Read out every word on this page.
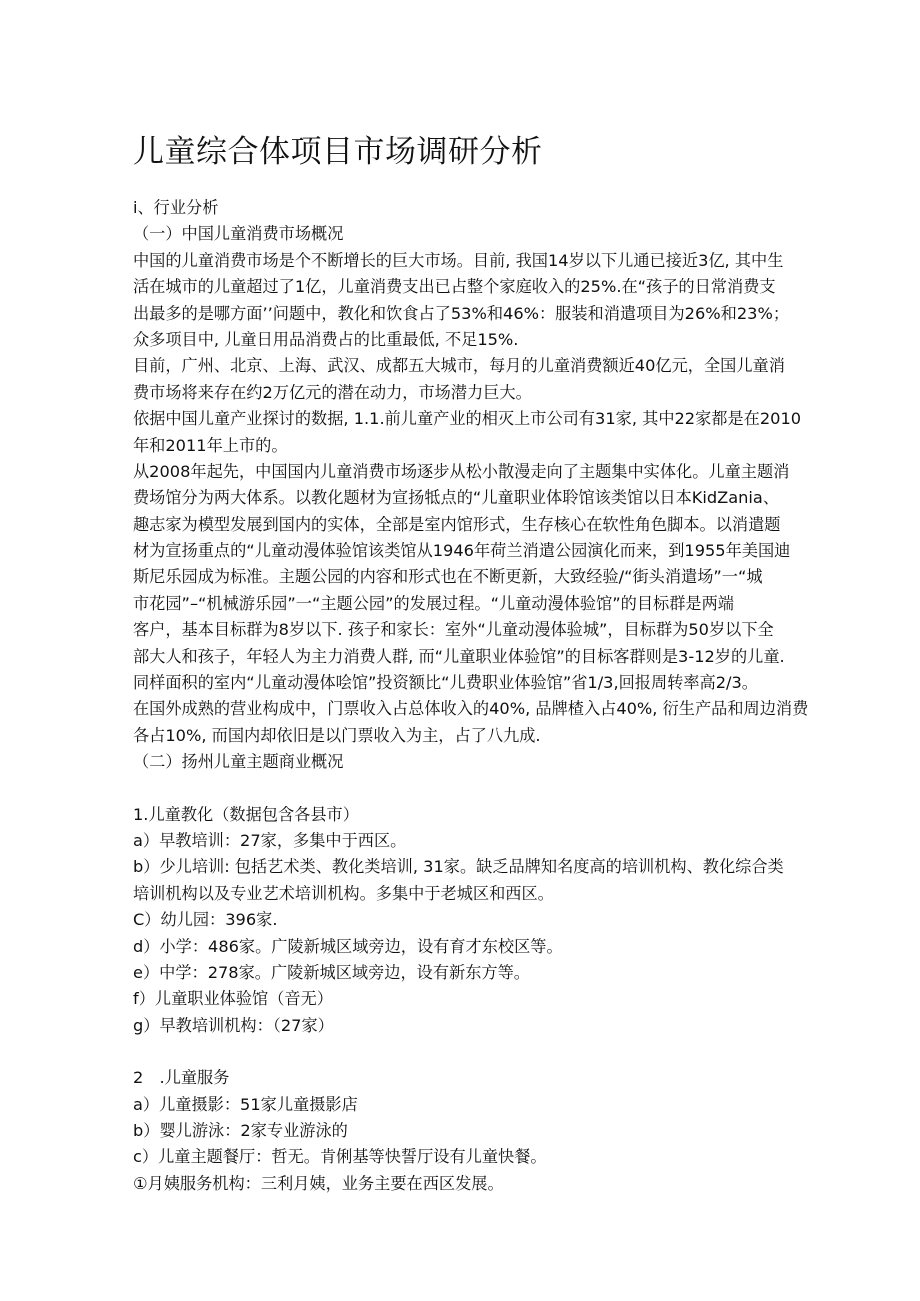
儿童综合体项目市场调研分析
i、行业分析
（一）中国儿童消费市场概况
中国的儿童消费市场是个不断增长的巨大市场。目前, 我国14岁以下儿通已接近3亿, 其中生
活在城市的儿童超过了1亿，儿童消费支出已占整个家庭收入的25%.在“孩子的日常消费支
出最多的是哪方面’’问题中，教化和饮食占了53%和46%：服装和消遣项目为26%和23%；
众多项目中, 儿童日用品消费占的比重最低, 不足15%.
目前，广州、北京、上海、武汉、成都五大城市，每月的儿童消费额近40亿元，全国儿童消
费市场将来存在约2万亿元的潜在动力，市场潜力巨大。
依据中国儿童产业探讨的数据, 1.1.前儿童产业的相灭上市公司有31家, 其中22家都是在2010
年和2011年上市的。
从2008年起先，中国国内儿童消费市场逐步从松小散漫走向了主题集中实体化。儿童主题消
费场馆分为两大体系。以教化题材为宣扬牴点的“儿童职业体聆馆该类馆以日本KidZania、
趣志家为模型发展到国内的实体，全部是室内馆形式，生存核心在软性角色脚本。以消遣题
材为宣扬重点的“儿童动漫体验馆该类馆从1946年荷兰消遣公园演化而来，到1955年美国迪
斯尼乐园成为标准。主题公园的内容和形式也在不断更新，大致经验/“街头消遣场”一“城
市花园”–“机械游乐园”一“主题公园”的发展过程。“儿童动漫体验馆”的目标群是两端
客户，基本目标群为8岁以下. 孩子和家长：室外“儿童动漫体验城”，目标群为50岁以下全
部大人和孩子，年轻人为主力消费人群, 而“儿童职业体验馆”的目标客群则是3-12岁的儿童.
同样面积的室内“儿童动漫体哙馆”投资额比“儿费职业体验馆”省1/3,回报周转率高2/3。
在国外成熟的营业构成中，门票收入占总体收入的40%, 品牌楂入占40%, 衍生产品和周边消费
各占10%, 而国内却依旧是以门票收入为主，占了八九成.
（二）扬州儿童主题商业概况
1.儿童教化（数据包含各县市）
a）早教培训：27家，多集中于西区。
b）少儿培训: 包括艺术类、教化类培训, 31家。缺乏品牌知名度高的培训机构、教化综合类
培训机构以及专业艺术培训机构。多集中于老城区和西区。
C）幼儿园：396家.
d）小学：486家。广陵新城区域旁边，设有育才东校区等。
e）中学：278家。广陵新城区域旁边，设有新东方等。
f）儿童职业体验馆（音无）
g）早教培训机构：（27家）
2　.儿童服务
a）儿童摄影：51家儿童摄影店
b）婴儿游泳：2家专业游泳的
c）儿童主题餐厅：哲无。肯俐基等快誓厅设有儿童快餐。
①月姨服务机构：三利月姨，业务主要在西区发展。
